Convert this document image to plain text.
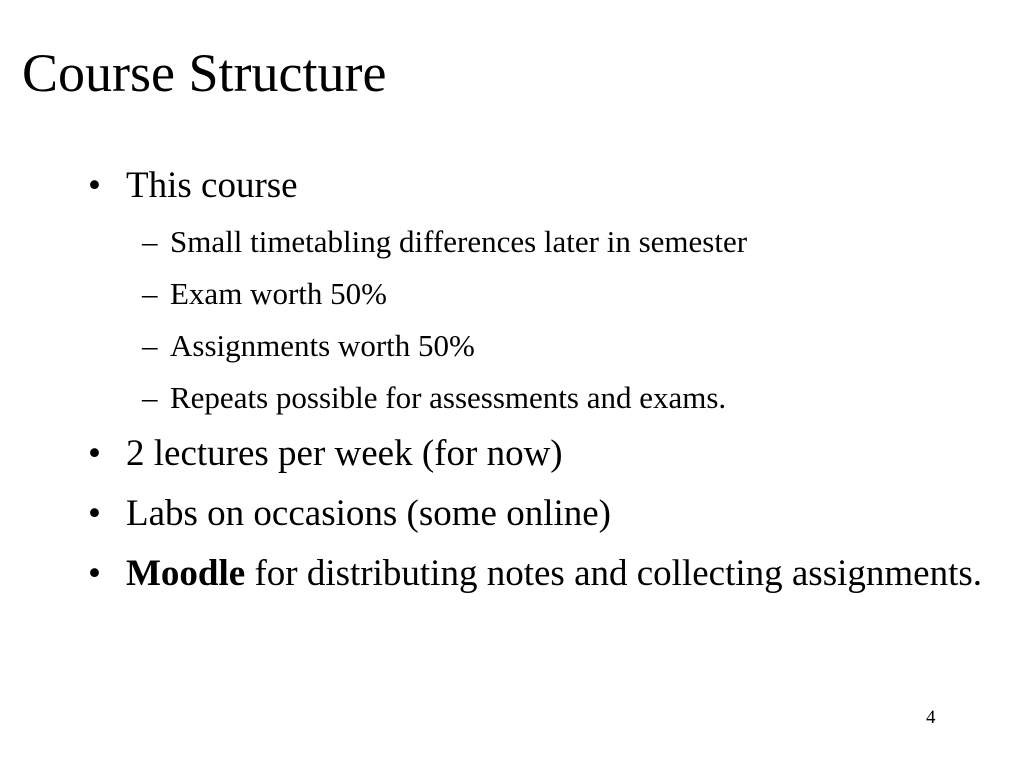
Course Structure
• This course
– Small timetabling differences later in semester
– Exam worth 50%
– Assignments worth 50%
– Repeats possible for assessments and exams.
• 2 lectures per week (for now)
• Labs on occasions (some online)
• Moodle for distributing notes and collecting assignments.
4
